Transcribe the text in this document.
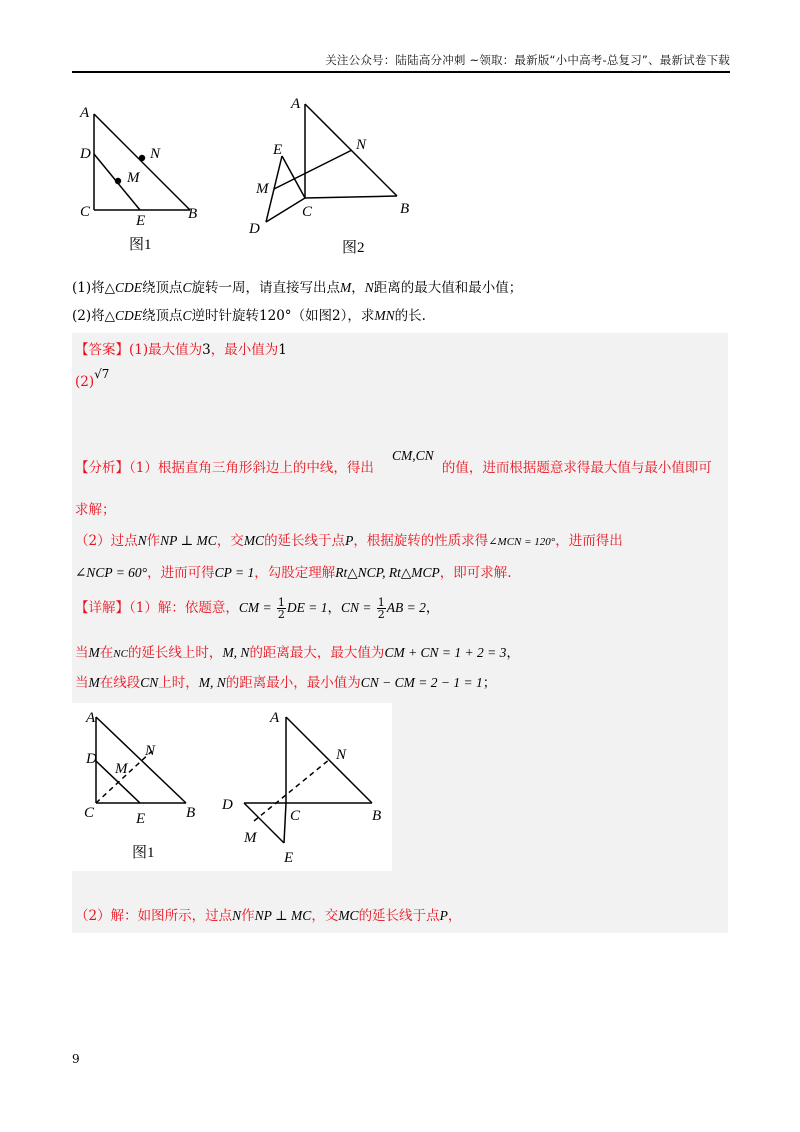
关注公众号：陆陆高分冲刺 ~领取：最新版“小中高考-总复习”、最新试卷下载
A
D	N
M
C
E	B
图1
A
E	N
M
C
D
B
图2
(1)将△CDE绕顶点C旋转一周，请直接写出点M，N距离的最大值和最小值；
(2)将△CDE绕顶点C逆时针旋转120°（如图2），求MN的长.
【答案】(1)最大值为3，最小值为1
(2)√7
CM,CN
【分析】（1）根据直角三角形斜边上的中线，得出	的值，进而根据题意求得最大值与最小值即可
求解；
（2）过点N作NP ⊥ MC，交MC的延长线于点P，根据旋转的性质求得∠MCN = 120°，进而得出
∠NCP = 60°，进而可得CP = 1，勾股定理解Rt△NCP, Rt△MCP，即可求解.
【详解】（1）解：依题意，CM = $\frac{1}{2}$ DE = 1，CN = $\frac{1}{2}$ AB = 2，
当M在NC的延长线上时，M, N的距离最大，最大值为CM + CN = 1 + 2 = 3，
当M在线段CN上时，M, N的距离最小，最小值为CN − CM = 2 − 1 = 1；
A
D	N
M
C	E	B
图1
A
N
D
C	B
M
E
（2）解：如图所示，过点N作NP ⊥ MC，交MC的延长线于点P，
9
